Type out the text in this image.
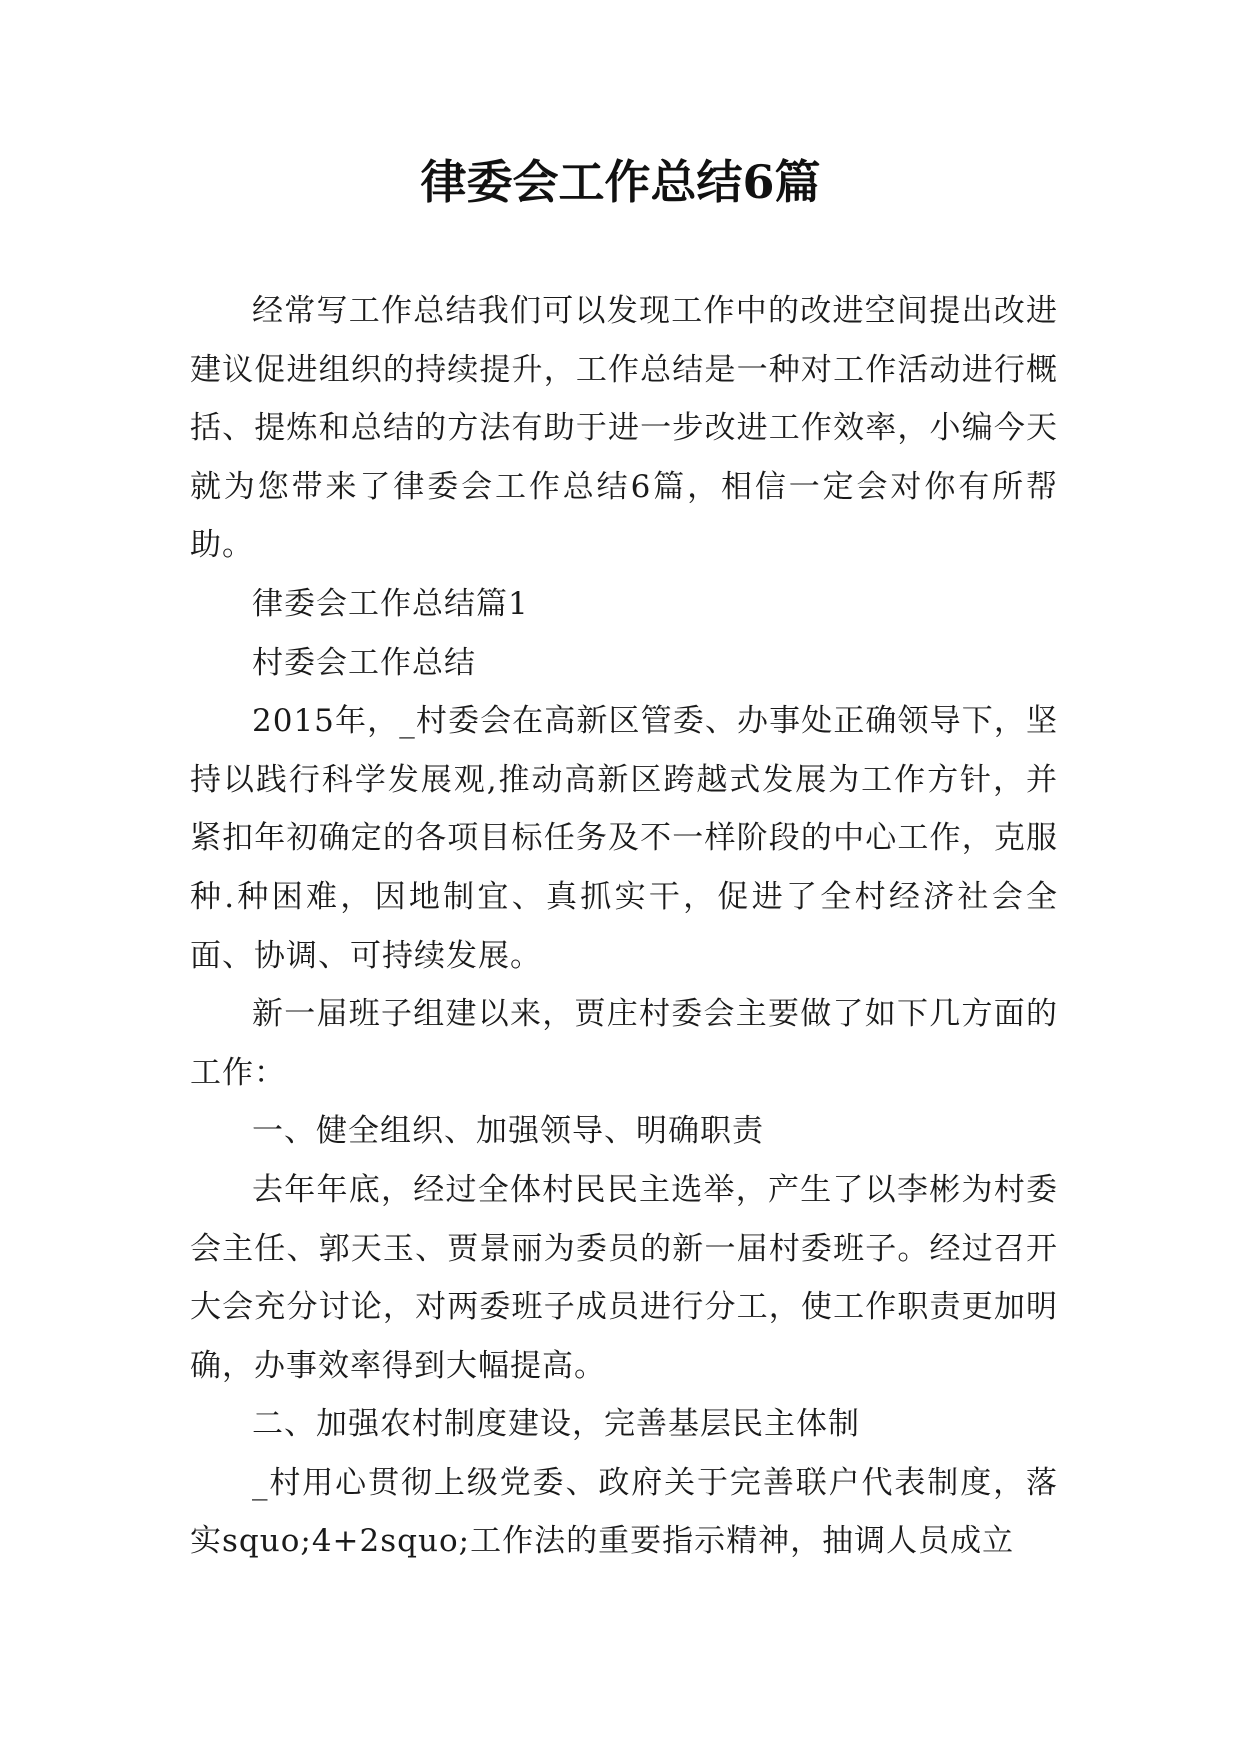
律委会工作总结6篇

经常写工作总结我们可以发现工作中的改进空间提出改进建议促进组织的持续提升，工作总结是一种对工作活动进行概括、提炼和总结的方法有助于进一步改进工作效率，小编今天就为您带来了律委会工作总结6篇，相信一定会对你有所帮助。

律委会工作总结篇1

村委会工作总结

2015年，_村委会在高新区管委、办事处正确领导下，坚持以践行科学发展观,推动高新区跨越式发展为工作方针，并紧扣年初确定的各项目标任务及不一样阶段的中心工作，克服种.种困难，因地制宜、真抓实干，促进了全村经济社会全面、协调、可持续发展。

新一届班子组建以来，贾庄村委会主要做了如下几方面的工作：

一、健全组织、加强领导、明确职责

去年年底，经过全体村民民主选举，产生了以李彬为村委会主任、郭天玉、贾景丽为委员的新一届村委班子。经过召开大会充分讨论，对两委班子成员进行分工，使工作职责更加明确，办事效率得到大幅提高。

二、加强农村制度建设，完善基层民主体制

_村用心贯彻上级党委、政府关于完善联户代表制度，落实squo;4+2squo;工作法的重要指示精神，抽调人员成立
